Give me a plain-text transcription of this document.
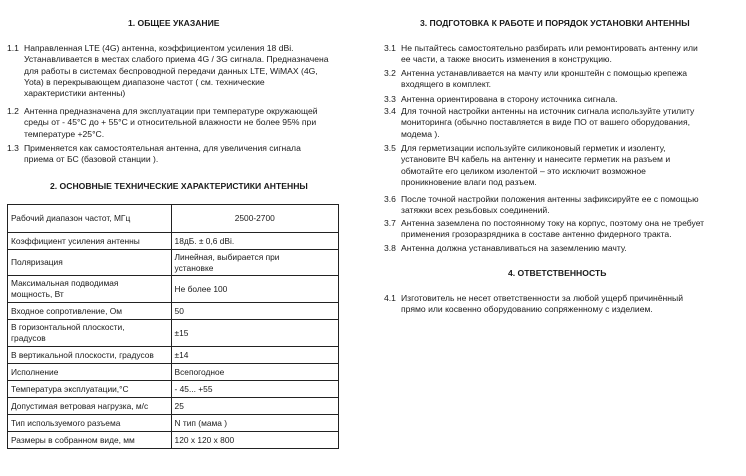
1. ОБЩЕЕ УКАЗАНИЕ
1.1 Направленная LTE (4G) антенна, коэффициентом усиления 18 dBi.
Устанавливается в местах слабого приема 4G / 3G сигнала. Предназначена
для работы в системах беспроводной передачи данных LTE, WiMAX (4G,
Yota) в перекрывающем диапазоне частот ( см. технические
характеристики антенны)
1.2 Антенна предназначена для эксплуатации при температуре окружающей
среды от - 45°С до + 55°С и относительной влажности не более 95% при
температуре +25°С.
1.3 Применяется как самостоятельная антенна, для увеличения сигнала
приема от БС (базовой станции ).
2. ОСНОВНЫЕ ТЕХНИЧЕСКИЕ ХАРАКТЕРИСТИКИ АНТЕННЫ
Рабочий диапазон частот, МГц	2500-2700
Коэффициент усиления антенны	18дБ. ± 0,6 dBi.
Поляризация	Линейная, выбирается при
установке
Максимальная подводимая
мощность, Вт	Не более 100
Входное сопротивление, Ом	50
В горизонтальной плоскости,
градусов	±15
В вертикальной плоскости, градусов	±14
Исполнение	Всепогодное
Температура эксплуатации,°С	- 45... +55
Допустимая ветровая нагрузка, м/с	25
Тип используемого разъема	N тип (мама )
Размеры в собранном виде, мм	120 х 120 х 800
3. ПОДГОТОВКА К РАБОТЕ И ПОРЯДОК УСТАНОВКИ АНТЕННЫ
3.1 Не пытайтесь самостоятельно разбирать или ремонтировать антенну или
ее части, а также вносить изменения в конструкцию.
3.2 Антенна устанавливается на мачту или кронштейн с помощью крепежа
входящего в комплект.
3.3 Антенна ориентирована в сторону источника сигнала.
3.4 Для точной настройки антенны на источник сигнала используйте утилиту
мониторинга (обычно поставляется в виде ПО от вашего оборудования,
модема ).
3.5 Для герметизации используйте силиконовый герметик и изоленту,
установите ВЧ кабель на антенну и нанесите герметик на разъем и
обмотайте его целиком изолентой – это исключит возможное
проникновение влаги под разъем.
3.6 После точной настройки положения антенны зафиксируйте ее с помощью
затяжки всех резьбовых соединений.
3.7 Антенна заземлена по постоянному току на корпус, поэтому она не требует
применения грозоразрядника в составе антенно фидерного тракта.
3.8 Антенна должна устанавливаться на заземлению мачту.
4. ОТВЕТСТВЕННОСТЬ
4.1 Изготовитель не несет ответственности за любой ущерб причинённый
прямо или косвенно оборудованию сопряженному с изделием.
